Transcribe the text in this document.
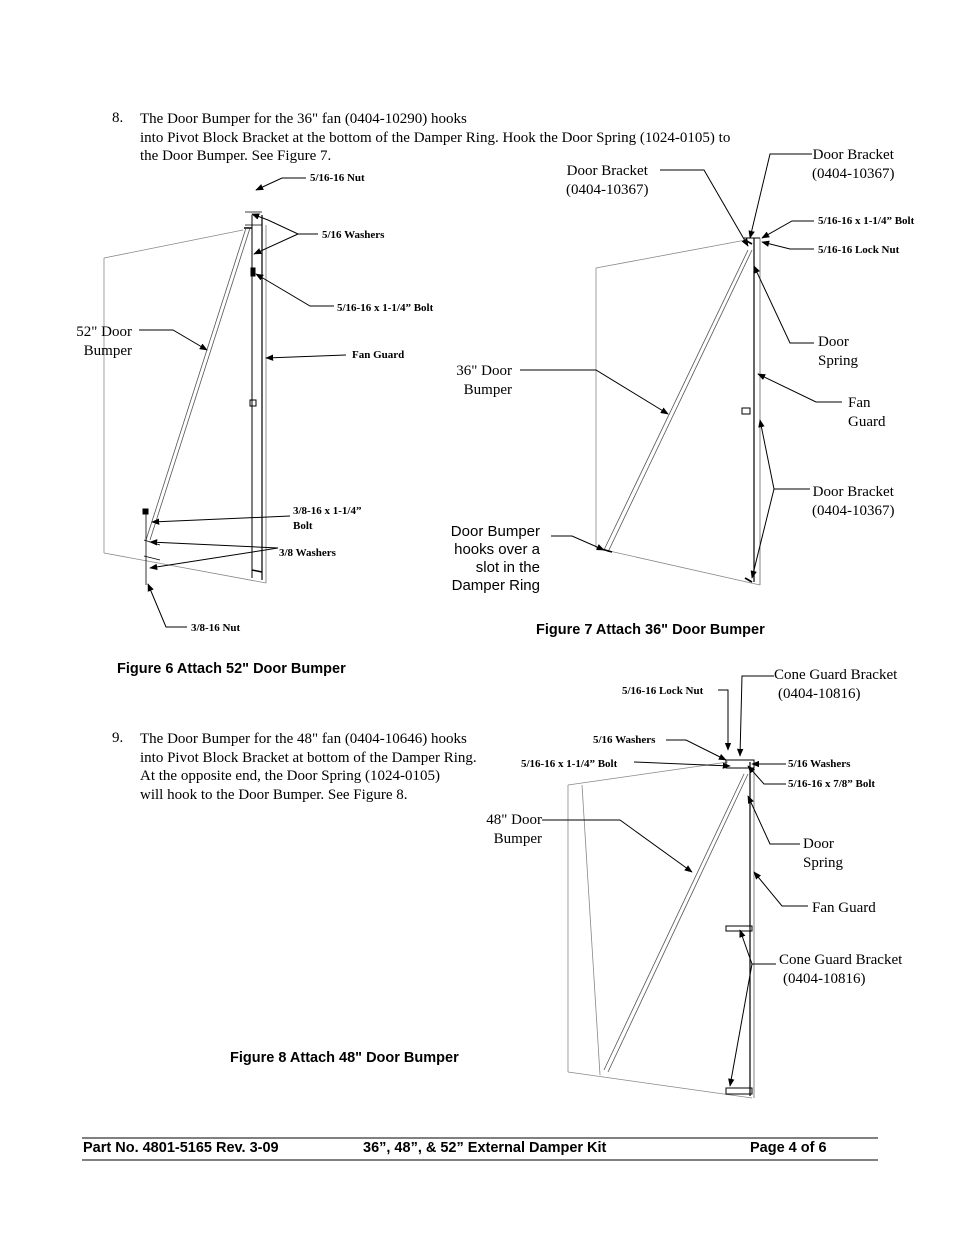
8. The Door Bumper for the 36" fan (0404-10290) hooks
into Pivot Block Bracket at the bottom of the Damper Ring. Hook the Door Spring (1024-0105) to
the Door Bumper. See Figure 7.
5/16-16 Nut
5/16 Washers
5/16-16 x 1-1/4” Bolt
52" Door
Bumper	Fan Guard
3/8-16 x 1-1/4”
Bolt
3/8 Washers
3/8-16 Nut
Figure 6 Attach 52" Door Bumper
Door Bracket
(0404-10367)
Door Bracket
(0404-10367)
5/16-16 x 1-1/4” Bolt
5/16-16 Lock Nut
Door
Spring
36" Door
Bumper
Fan
Guard
Door Bracket
(0404-10367)
Door Bumper
hooks over a
slot in the
Damper Ring
Figure 7 Attach 36" Door Bumper
9. The Door Bumper for the 48" fan (0404-10646) hooks
into Pivot Block Bracket at bottom of the Damper Ring.
At the opposite end, the Door Spring (1024-0105)
will hook to the Door Bumper. See Figure 8.
Cone Guard Bracket
(0404-10816)
5/16-16 Lock Nut
5/16 Washers
5/16-16 x 1-1/4” Bolt	5/16 Washers
5/16-16 x 7/8” Bolt
48" Door
Bumper	Door
Spring
Fan Guard
Cone Guard Bracket
(0404-10816)
Figure 8 Attach 48" Door Bumper
Part No. 4801-5165 Rev. 3-09	36”, 48”, & 52” External Damper Kit	Page 4 of 6
